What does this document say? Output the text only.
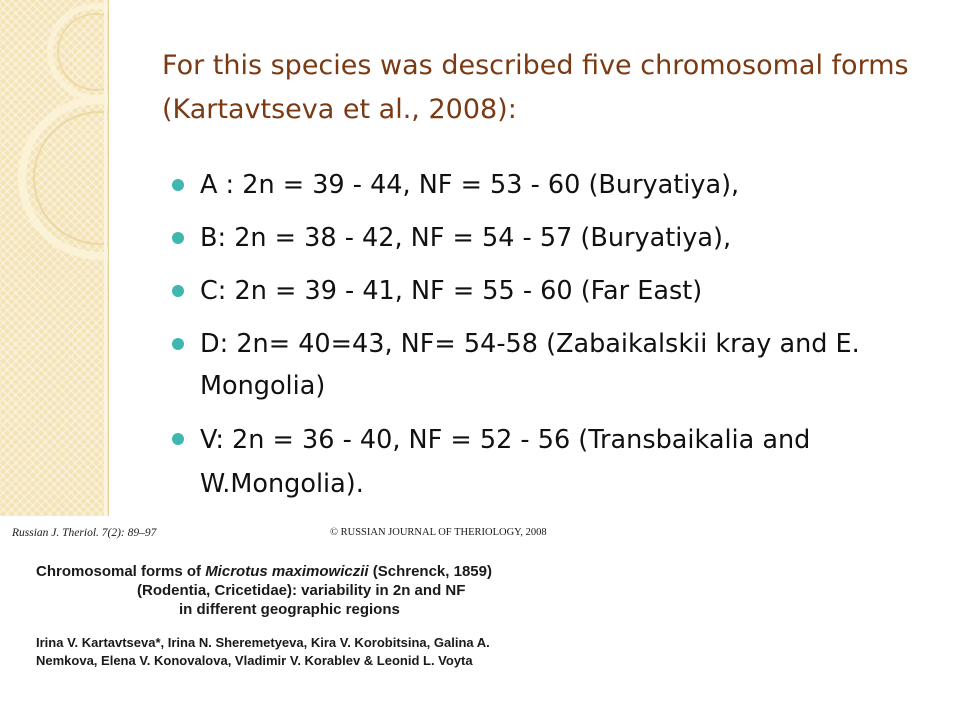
For this species was described five chromosomal forms (Kartavtseva et al., 2008):
A : 2n = 39 - 44, NF = 53 - 60 (Buryatiya),
B: 2n = 38 - 42, NF = 54 - 57 (Buryatiya),
C: 2n = 39 - 41, NF = 55 - 60 (Far East)
D: 2n= 40=43, NF= 54-58 (Zabaikalskii kray and E. Mongolia)
V: 2n = 36 - 40, NF = 52 - 56 (Transbaikalia and W.Mongolia).
Russian J. Theriol. 7(2): 89–97	© RUSSIAN JOURNAL OF THERIOLOGY, 2008
Chromosomal forms of Microtus maximowiczii (Schrenck, 1859)
(Rodentia, Cricetidae): variability in 2n and NF
in different geographic regions
Irina V. Kartavtseva*, Irina N. Sheremetyeva, Kira V. Korobitsina, Galina A.
Nemkova, Elena V. Konovalova, Vladimir V. Korablev & Leonid L. Voyta
